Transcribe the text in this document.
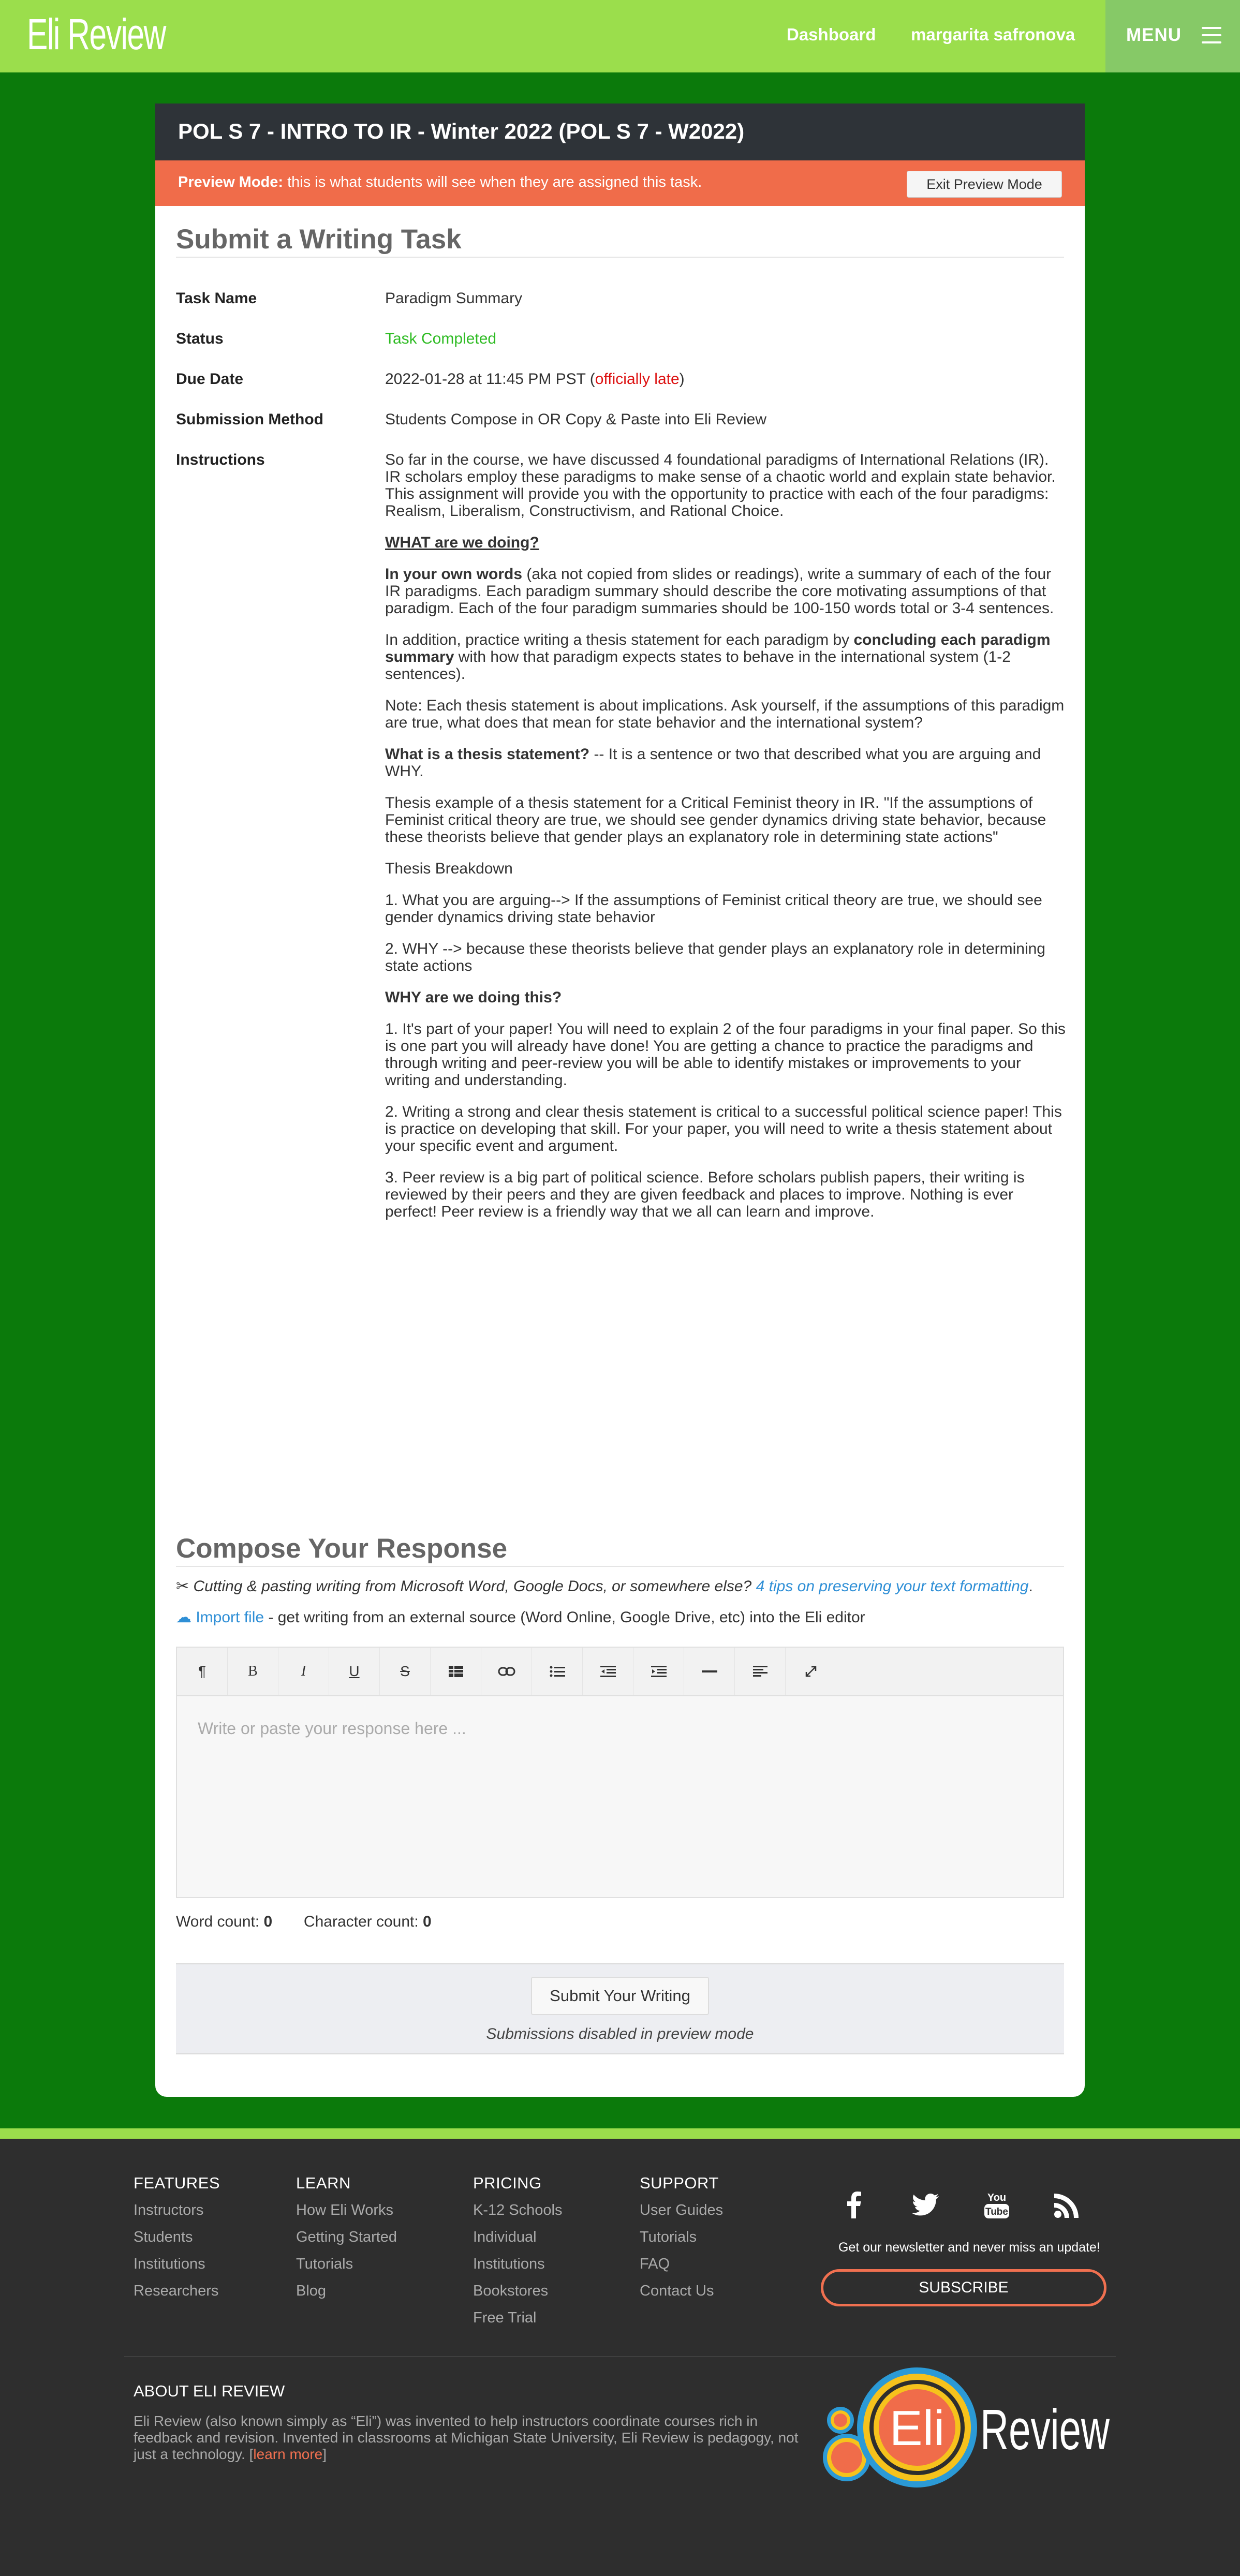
Eli Review	Dashboard margarita safronova	MENU
POL S 7 - INTRO TO IR - Winter 2022 (POL S 7 - W2022)
Preview Mode: this is what students will see when they are assigned this task.	Exit Preview Mode
Submit a Writing Task
Task Name	Paradigm Summary
Status	Task Completed
Due Date	2022-01-28 at 11:45 PM PST (officially late)
Submission Method	Students Compose in OR Copy & Paste into Eli Review
Instructions	So far in the course, we have discussed 4 foundational paradigms of International Relations (IR). IR scholars employ these paradigms to make sense of a chaotic world and explain state behavior. This assignment will provide you with the opportunity to practice with each of the four paradigms: Realism, Liberalism, Constructivism, and Rational Choice.

WHAT are we doing?

In your own words (aka not copied from slides or readings), write a summary of each of the four IR paradigms. Each paradigm summary should describe the core motivating assumptions of that paradigm. Each of the four paradigm summaries should be 100-150 words total or 3-4 sentences.

In addition, practice writing a thesis statement for each paradigm by concluding each paradigm summary with how that paradigm expects states to behave in the international system (1-2 sentences).

Note: Each thesis statement is about implications. Ask yourself, if the assumptions of this paradigm are true, what does that mean for state behavior and the international system?

What is a thesis statement? -- It is a sentence or two that described what you are arguing and WHY.

Thesis example of a thesis statement for a Critical Feminist theory in IR. "If the assumptions of Feminist critical theory are true, we should see gender dynamics driving state behavior, because these theorists believe that gender plays an explanatory role in determining state actions"

Thesis Breakdown

1. What you are arguing--> If the assumptions of Feminist critical theory are true, we should see gender dynamics driving state behavior

2. WHY --> because these theorists believe that gender plays an explanatory role in determining state actions

WHY are we doing this?

1. It's part of your paper! You will need to explain 2 of the four paradigms in your final paper. So this is one part you will already have done! You are getting a chance to practice the paradigms and through writing and peer-review you will be able to identify mistakes or improvements to your writing and understanding.

2. Writing a strong and clear thesis statement is critical to a successful political science paper! This is practice on developing that skill. For your paper, you will need to write a thesis statement about your specific event and argument.

3. Peer review is a big part of political science. Before scholars publish papers, their writing is reviewed by their peers and they are given feedback and places to improve. Nothing is ever perfect! Peer review is a friendly way that we all can learn and improve.

Compose Your Response
✂ Cutting & pasting writing from Microsoft Word, Google Docs, or somewhere else? 4 tips on preserving your text formatting.
☁ Import file - get writing from an external source (Word Online, Google Drive, etc) into the Eli editor
¶	B	I	U	S
Write or paste your response here ...
Word count: 0 Character count: 0
Submit Your Writing
Submissions disabled in preview mode
FEATURES
Instructors
Students
Institutions
Researchers
LEARN
How Eli Works
Getting Started
Tutorials
Blog
PRICING
K-12 Schools
Individual
Institutions
Bookstores
Free Trial
SUPPORT
User Guides
Tutorials
FAQ
Contact Us
You
Tube
Get our newsletter and never miss an update!
SUBSCRIBE
ABOUT ELI REVIEW
Eli Review (also known simply as “Eli”) was invented to help instructors coordinate courses rich in feedback and revision. Invented in classrooms at Michigan State University, Eli Review is pedagogy, not just a technology. [learn more]	Eli Review
